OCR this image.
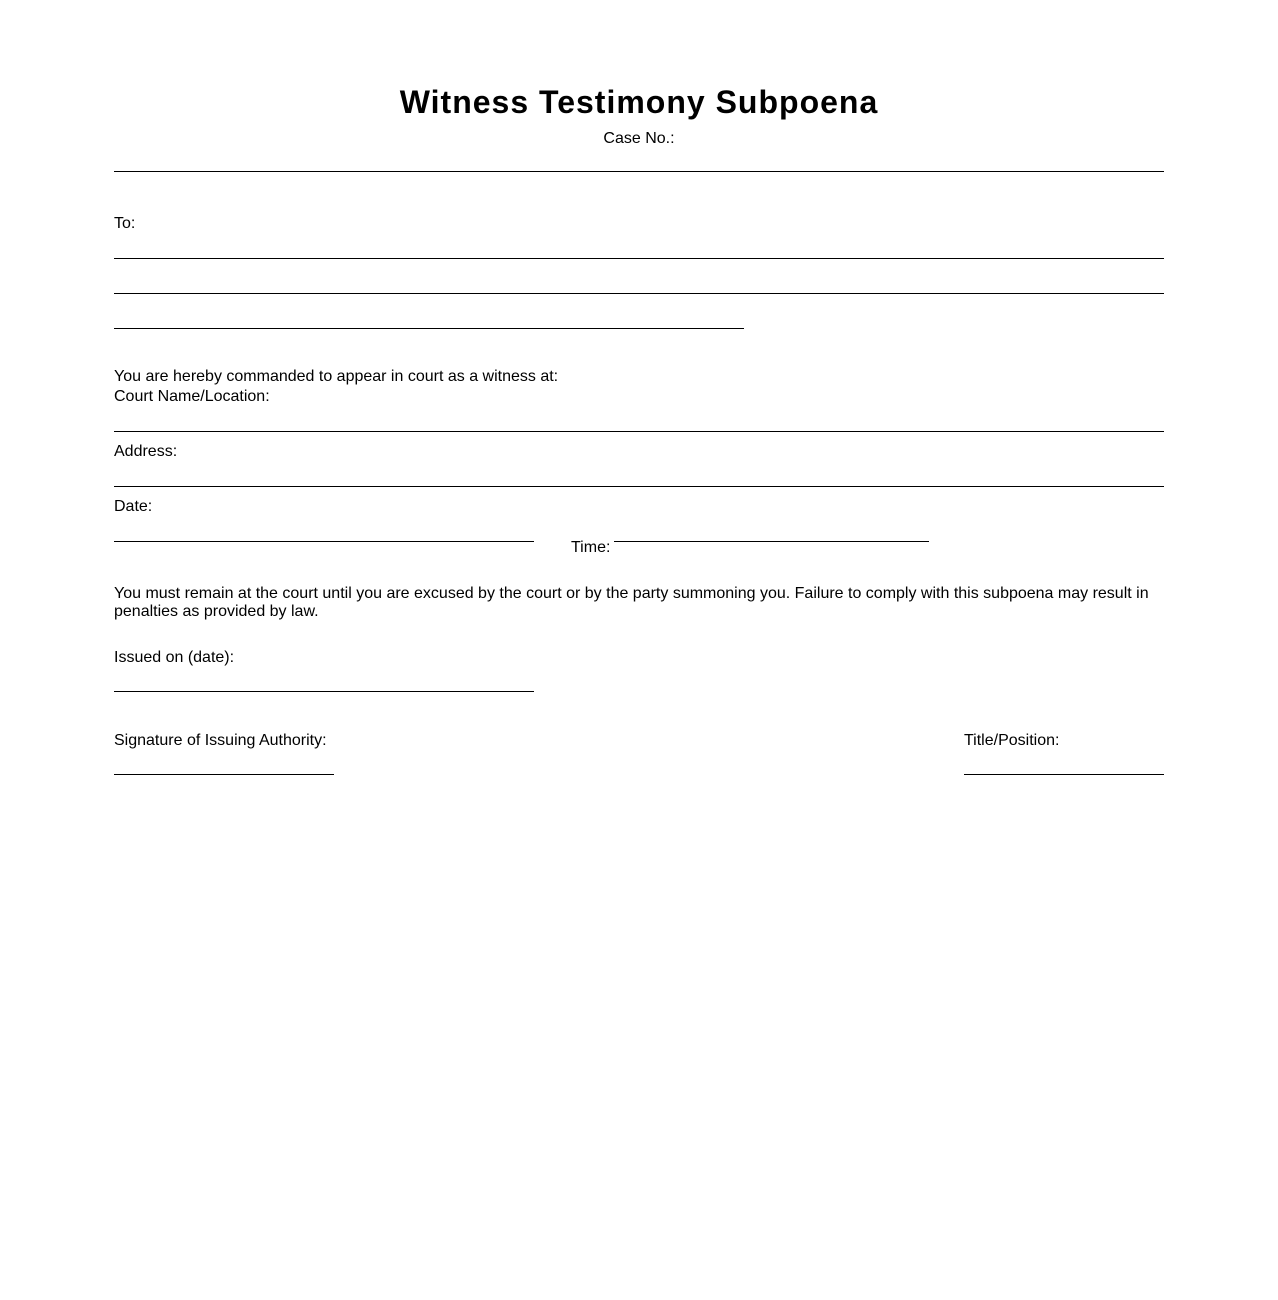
Witness Testimony Subpoena
Case No.:
To:
You are hereby commanded to appear in court as a witness at:
Court Name/Location:
Address:
Date:
Time:
You must remain at the court until you are excused by the court or by the party summoning you. Failure to comply with this subpoena may result in penalties as provided by law.
Issued on (date):
Signature of Issuing Authority:	Title/Position:
